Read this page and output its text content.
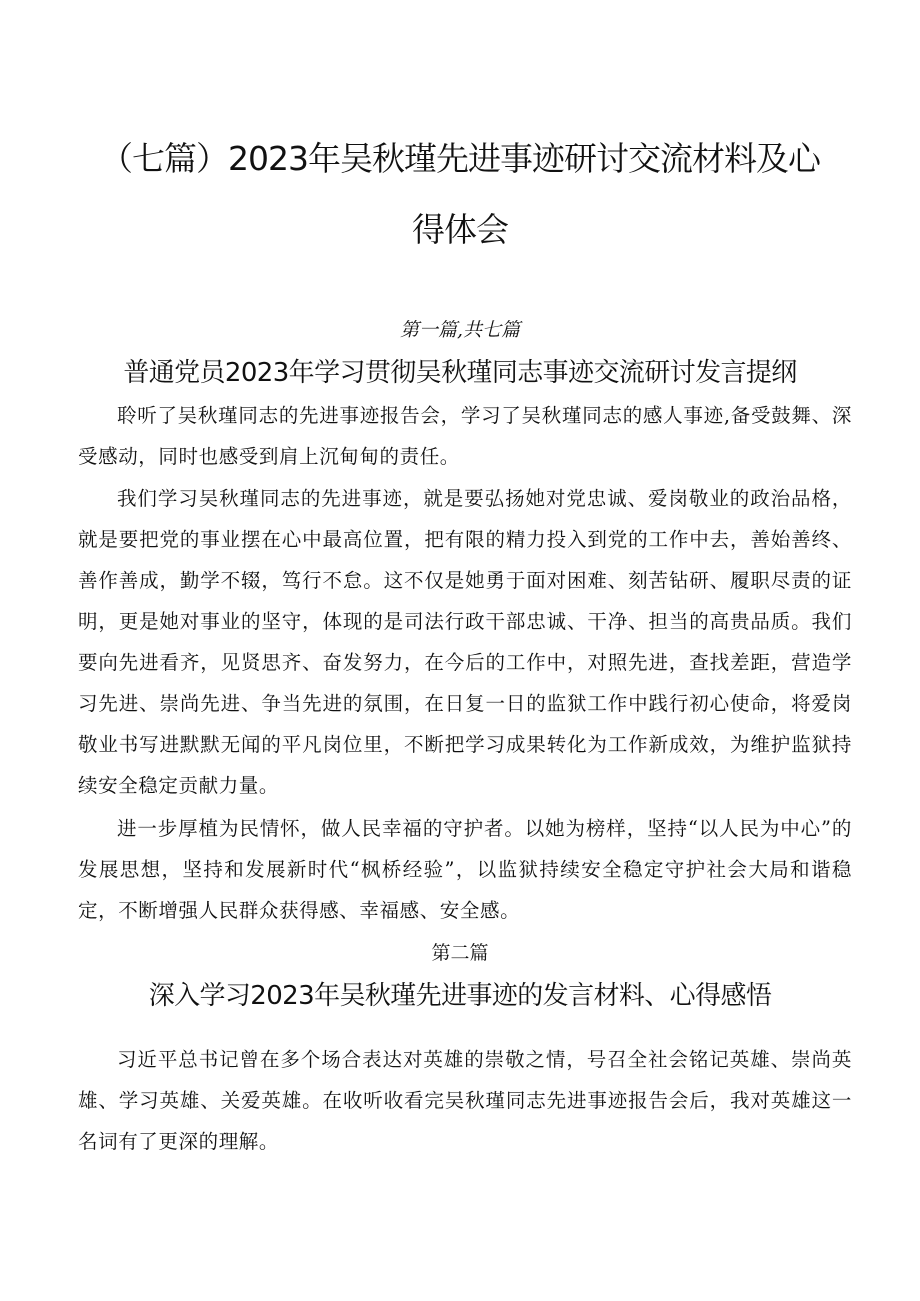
（七篇）2023年吴秋瑾先进事迹研讨交流材料及心
得体会
第一篇,共七篇
普通党员2023年学习贯彻吴秋瑾同志事迹交流研讨发言提纲

聆听了吴秋瑾同志的先进事迹报告会，学习了吴秋瑾同志的感人事迹,备受鼓舞、深受感动，同时也感受到肩上沉甸甸的责任。

我们学习吴秋瑾同志的先进事迹，就是要弘扬她对党忠诚、爱岗敬业的政治品格，就是要把党的事业摆在心中最高位置，把有限的精力投入到党的工作中去，善始善终、善作善成，勤学不辍，笃行不怠。这不仅是她勇于面对困难、刻苦钻研、履职尽责的证明，更是她对事业的坚守，体现的是司法行政干部忠诚、干净、担当的高贵品质。我们要向先进看齐，见贤思齐、奋发努力，在今后的工作中，对照先进，查找差距，营造学习先进、崇尚先进、争当先进的氛围，在日复一日的监狱工作中践行初心使命，将爱岗敬业书写进默默无闻的平凡岗位里，不断把学习成果转化为工作新成效，为维护监狱持续安全稳定贡献力量。

进一步厚植为民情怀，做人民幸福的守护者。以她为榜样，坚持“以人民为中心”的发展思想，坚持和发展新时代“枫桥经验”，以监狱持续安全稳定守护社会大局和谐稳定，不断增强人民群众获得感、幸福感、安全感。

第二篇
深入学习2023年吴秋瑾先进事迹的发言材料、心得感悟

习近平总书记曾在多个场合表达对英雄的崇敬之情，号召全社会铭记英雄、崇尚英雄、学习英雄、关爱英雄。在收听收看完吴秋瑾同志先进事迹报告会后，我对英雄这一名词有了更深的理解。
